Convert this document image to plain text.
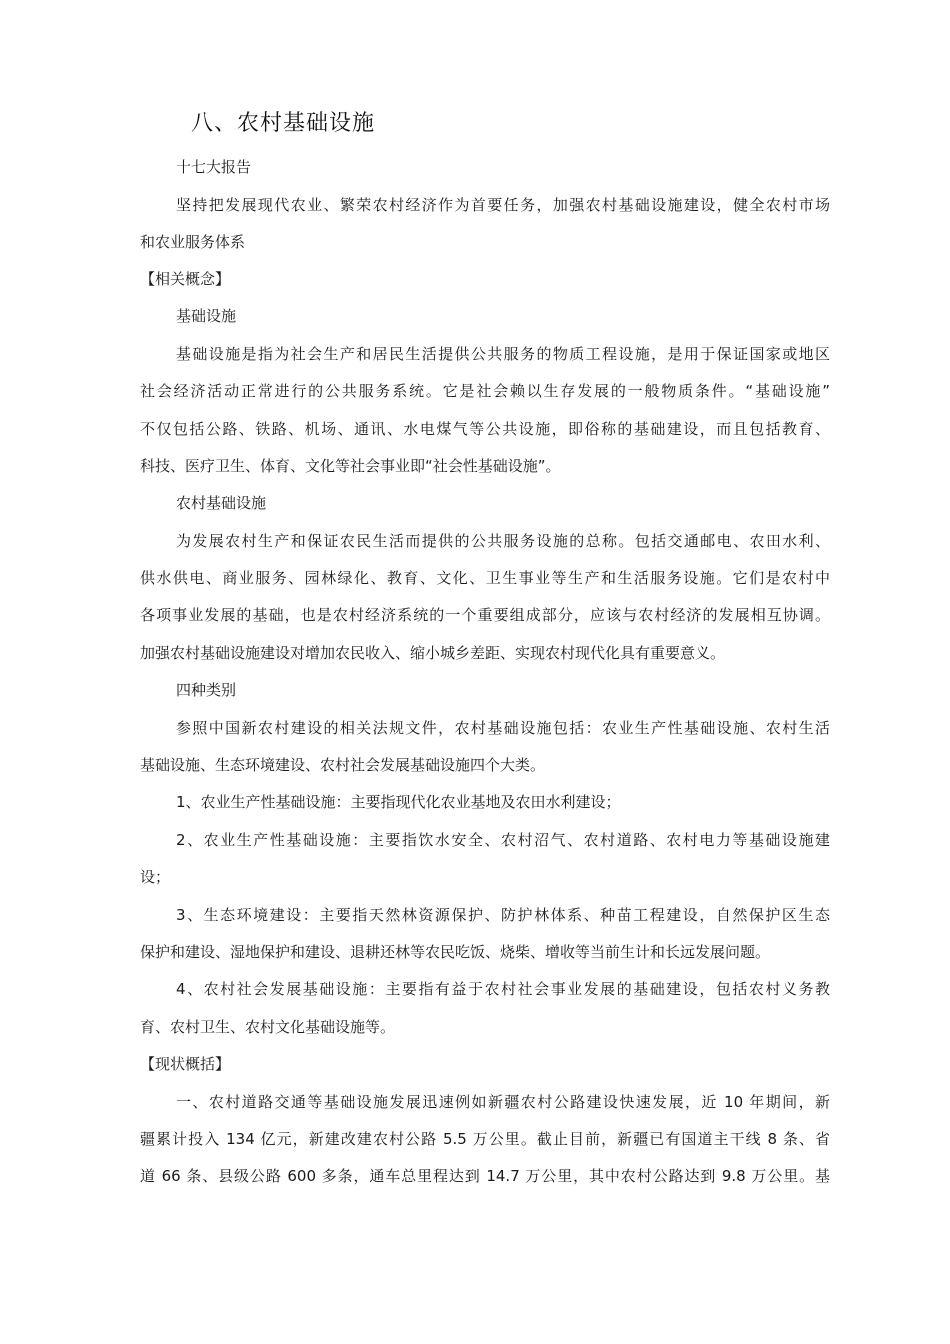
八、农村基础设施
十七大报告
坚持把发展现代农业、繁荣农村经济作为首要任务，加强农村基础设施建设，健全农村市场
和农业服务体系
【相关概念】
基础设施
基础设施是指为社会生产和居民生活提供公共服务的物质工程设施，是用于保证国家或地区
社会经济活动正常进行的公共服务系统。它是社会赖以生存发展的一般物质条件。“基础设施”
不仅包括公路、铁路、机场、通讯、水电煤气等公共设施，即俗称的基础建设，而且包括教育、
科技、医疗卫生、体育、文化等社会事业即“社会性基础设施”。
农村基础设施
为发展农村生产和保证农民生活而提供的公共服务设施的总称。包括交通邮电、农田水利、
供水供电、商业服务、园林绿化、教育、文化、卫生事业等生产和生活服务设施。它们是农村中
各项事业发展的基础，也是农村经济系统的一个重要组成部分，应该与农村经济的发展相互协调。
加强农村基础设施建设对增加农民收入、缩小城乡差距、实现农村现代化具有重要意义。
四种类别
参照中国新农村建设的相关法规文件，农村基础设施包括：农业生产性基础设施、农村生活
基础设施、生态环境建设、农村社会发展基础设施四个大类。
1、农业生产性基础设施：主要指现代化农业基地及农田水利建设；
2、农业生产性基础设施：主要指饮水安全、农村沼气、农村道路、农村电力等基础设施建
设；
3、生态环境建设：主要指天然林资源保护、防护林体系、种苗工程建设，自然保护区生态
保护和建设、湿地保护和建设、退耕还林等农民吃饭、烧柴、增收等当前生计和长远发展问题。
4、农村社会发展基础设施：主要指有益于农村社会事业发展的基础建设，包括农村义务教
育、农村卫生、农村文化基础设施等。
【现状概括】
一、农村道路交通等基础设施发展迅速例如新疆农村公路建设快速发展，近 10 年期间，新
疆累计投入 134 亿元，新建改建农村公路 5.5 万公里。截止目前，新疆已有国道主干线 8 条、省
道 66 条、县级公路 600 多条，通车总里程达到 14.7 万公里，其中农村公路达到 9.8 万公里。基
